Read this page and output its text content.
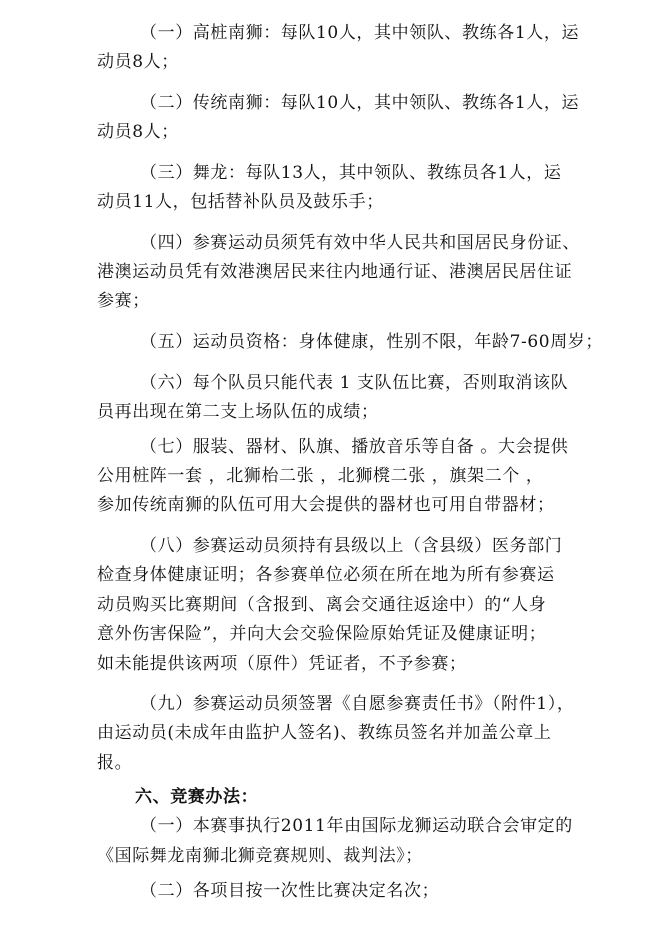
（一）高桩南狮：每队10人，其中领队、教练各1人，运
动员8人；
（二）传统南狮：每队10人，其中领队、教练各1人，运
动员8人；
（三）舞龙：每队13人，其中领队、教练员各1人，运
动员11人，包括替补队员及鼓乐手；
（四）参赛运动员须凭有效中华人民共和国居民身份证、
港澳运动员凭有效港澳居民来往内地通行证、港澳居民居住证
参赛；
（五）运动员资格：身体健康，性别不限，年龄7-60周岁；
（六）每个队员只能代表 1 支队伍比赛，否则取消该队
员再出现在第二支上场队伍的成绩；
（七）服装、器材、队旗、播放音乐等自备 。大会提供
公用桩阵一套 ，北狮枱二张 ，北狮櫈二张 ，旗架二个 ，
参加传统南狮的队伍可用大会提供的器材也可用自带器材；
（八）参赛运动员须持有县级以上（含县级）医务部门
检查身体健康证明；各参赛单位必须在所在地为所有参赛运
动员购买比赛期间（含报到、离会交通往返途中）的“人身
意外伤害保险”，并向大会交验保险原始凭证及健康证明；
如未能提供该两项（原件）凭证者，不予参赛；
（九）参赛运动员须签署《自愿参赛责任书》（附件1），
由运动员(未成年由监护人签名)、教练员签名并加盖公章上
报。
六、竞赛办法：
（一）本赛事执行2011年由国际龙狮运动联合会审定的
《国际舞龙南狮北狮竞赛规则、裁判法》；
（二）各项目按一次性比赛决定名次；
